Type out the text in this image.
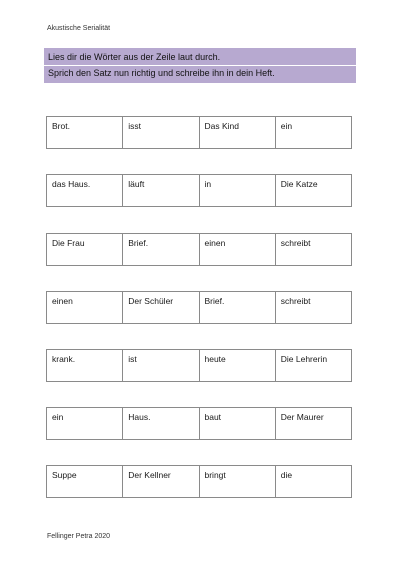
Akustische Serialität
Lies dir die Wörter aus der Zeile laut durch.
Sprich den Satz nun richtig und schreibe ihn in dein Heft.
Brot.	isst	Das Kind	ein
das Haus.	läuft	in	Die Katze
Die Frau	Brief.	einen	schreibt
einen	Der Schüler	Brief.	schreibt
krank.	ist	heute	Die Lehrerin
ein	Haus.	baut	Der Maurer
Suppe	Der Kellner	bringt	die
Fellinger Petra 2020
